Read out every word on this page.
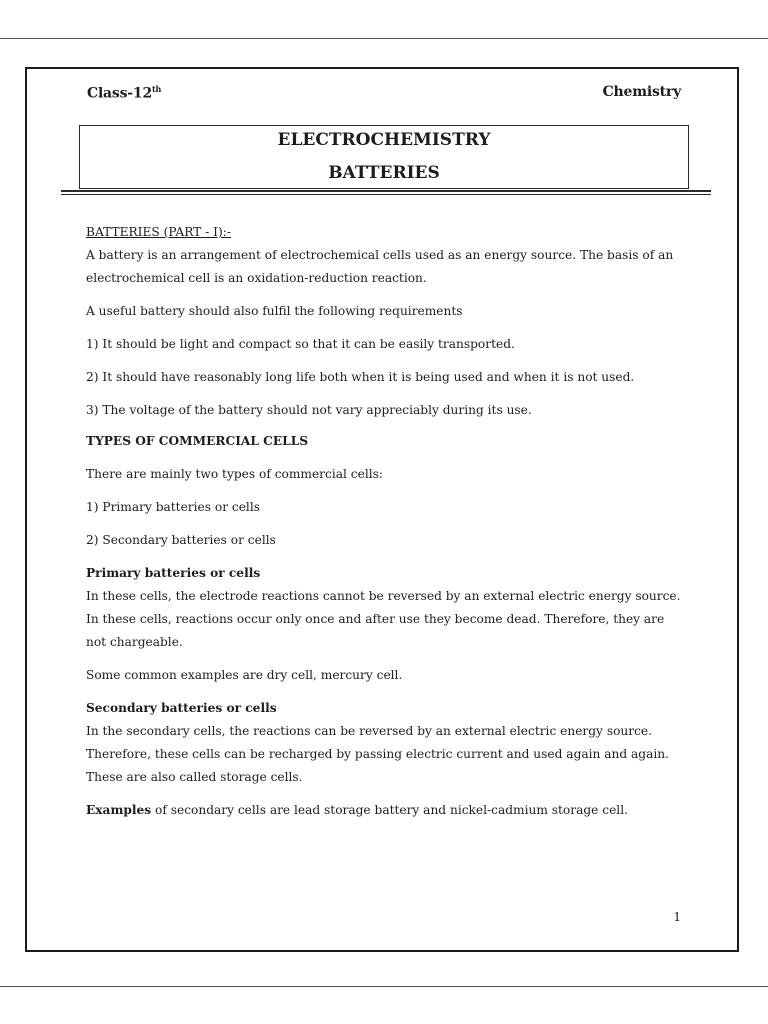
Class-12th	Chemistry
ELECTROCHEMISTRY
BATTERIES

BATTERIES (PART - I):-

A battery is an arrangement of electrochemical cells used as an energy source. The basis of an electrochemical cell is an oxidation-reduction reaction.

A useful battery should also fulfil the following requirements

1) It should be light and compact so that it can be easily transported.

2) It should have reasonably long life both when it is being used and when it is not used.

3) The voltage of the battery should not vary appreciably during its use.

TYPES OF COMMERCIAL CELLS

There are mainly two types of commercial cells:

1) Primary batteries or cells

2) Secondary batteries or cells

Primary batteries or cells

In these cells, the electrode reactions cannot be reversed by an external electric energy source. In these cells, reactions occur only once and after use they become dead. Therefore, they are not chargeable.

Some common examples are dry cell, mercury cell.

Secondary batteries or cells

In the secondary cells, the reactions can be reversed by an external electric energy source. Therefore, these cells can be recharged by passing electric current and used again and again. These are also called storage cells.

Examples of secondary cells are lead storage battery and nickel-cadmium storage cell.

1
